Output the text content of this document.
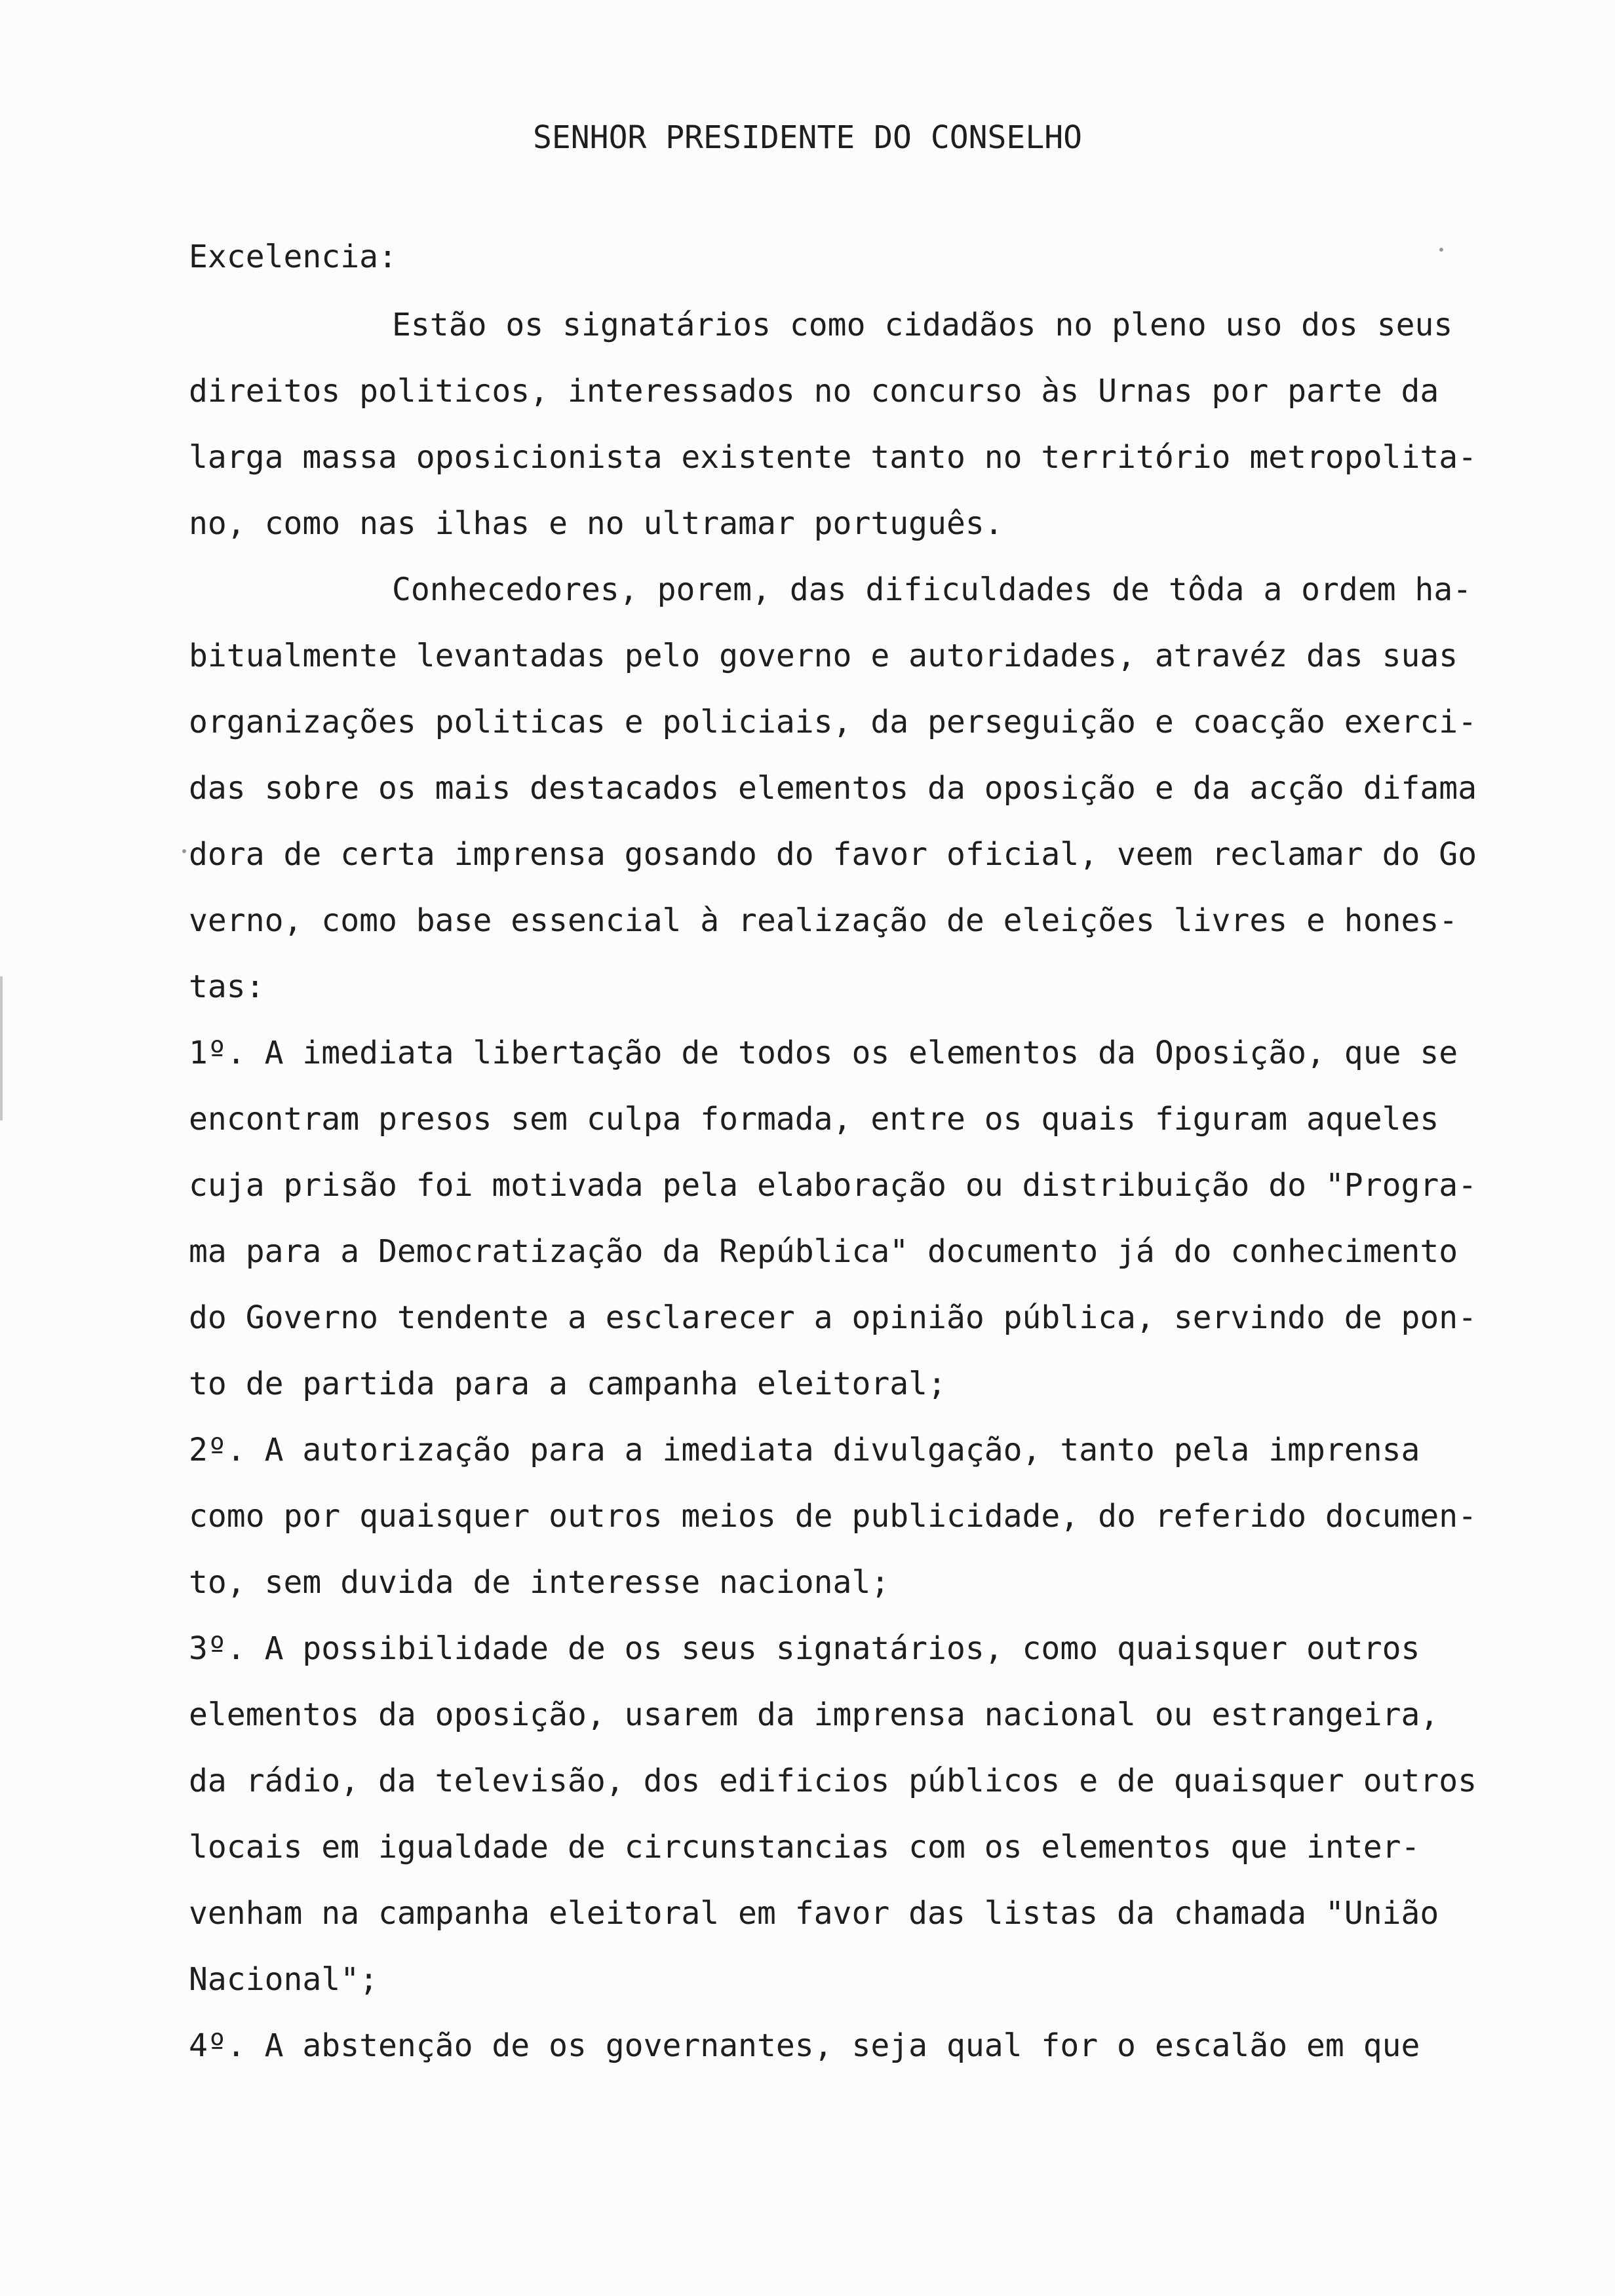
SENHOR PRESIDENTE DO CONSELHO
Excelencia:
Estão os signatários como cidadãos no pleno uso dos seus
direitos politicos, interessados no concurso às Urnas por parte da
larga massa oposicionista existente tanto no território metropolita-
no, como nas ilhas e no ultramar português.
Conhecedores, porem, das dificuldades de tôda a ordem ha-
bitualmente levantadas pelo governo e autoridades, atravéz das suas
organizações politicas e policiais, da perseguição e coacção exerci-
das sobre os mais destacados elementos da oposição e da acção difama
dora de certa imprensa gosando do favor oficial, veem reclamar do Go
verno, como base essencial à realização de eleições livres e hones-
tas:
1º. A imediata libertação de todos os elementos da Oposição, que se
encontram presos sem culpa formada, entre os quais figuram aqueles
cuja prisão foi motivada pela elaboração ou distribuição do "Progra-
ma para a Democratização da República" documento já do conhecimento
do Governo tendente a esclarecer a opinião pública, servindo de pon-
to de partida para a campanha eleitoral;
2º. A autorização para a imediata divulgação, tanto pela imprensa
como por quaisquer outros meios de publicidade, do referido documen-
to, sem duvida de interesse nacional;
3º. A possibilidade de os seus signatários, como quaisquer outros
elementos da oposição, usarem da imprensa nacional ou estrangeira,
da rádio, da televisão, dos edificios públicos e de quaisquer outros
locais em igualdade de circunstancias com os elementos que inter-
venham na campanha eleitoral em favor das listas da chamada "União
Nacional";
4º. A abstenção de os governantes, seja qual for o escalão em que
